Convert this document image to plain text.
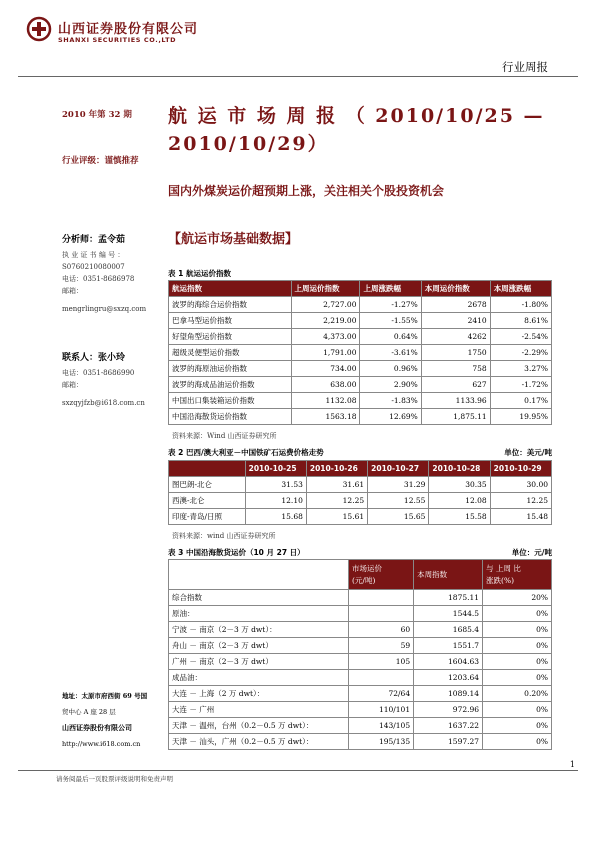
山西证券股份有限公司
SHANXI SECURITIES CO.,LTD
行业周报
2010 年第 32 期
行业评级：谨慎推荐
航 运 市 场 周 报 （ 2010/10/25 — 2010/10/29）
国内外煤炭运价超预期上涨，关注相关个股投资机会
分析师：孟令茹
执 业 证 书 编 号 ：
S0760210080007
电话：0351-8686978
邮箱：
mengrlingru@sxzq.com
联系人：张小玲
电话：0351-8686990
邮箱：
sxzqyjfzb@i618.com.cn
【航运市场基础数据】
表 1 航运运价指数
航运指数	上周运价指数	上周涨跌幅	本周运价指数	本周涨跌幅
波罗的海综合运价指数	2,727.00	-1.27%	2678	-1.80%
巴拿马型运价指数	2,219.00	-1.55%	2410	8.61%
好望角型运价指数	4,373.00	0.64%	4262	-2.54%
超级灵便型运价指数	1,791.00	-3.61%	1750	-2.29%
波罗的海原油运价指数	734.00	0.96%	758	3.27%
波罗的海成品油运价指数	638.00	2.90%	627	-1.72%
中国出口集装箱运价指数	1132.08	-1.83%	1133.96	0.17%
中国沿海散货运价指数	1563.18	12.69%	1,875.11	19.95%
资料来源：Wind 山西证券研究所
表 2 巴西/澳大利亚－中国铁矿石运费价格走势	单位：美元/吨
	2010-10-25	2010-10-26	2010-10-27	2010-10-28	2010-10-29
图巴朗-北仑	31.53	31.61	31.29	30.35	30.00
西澳-北仑	12.10	12.25	12.55	12.08	12.25
印度-青岛/日照	15.68	15.61	15.65	15.58	15.48
资料来源：wind 山西证券研究所
表 3 中国沿海散货运价（10 月 27 日）	单位：元/吨
	市场运价
(元/吨)	本周指数	与 上周 比
涨跌(%)
综合指数		1875.11	20%
原油：		1544.5	0%
宁波 － 南京（2－3 万 dwt）：	60	1685.4	0%
舟山 － 南京（2－3 万 dwt）	59	1551.7	0%
广州 － 南京（2－3 万 dwt）	105	1604.63	0%
成品油：		1203.64	0%
大连 － 上海（2 万 dwt）：	72/64	1089.14	0.20%
大连 － 广州	110/101	972.96	0%
天津 － 温州，台州（0.2－0.5 万 dwt）：	143/105	1637.22	0%
天津 － 汕头，广州（0.2－0.5 万 dwt）：	195/135	1597.27	0%
地址：太原市府西街 69 号国
贸中心 A 座 28 层
山西证券股份有限公司
http://www.i618.com.cn
1
请务阅最后一页股票评级说明和免责声明
